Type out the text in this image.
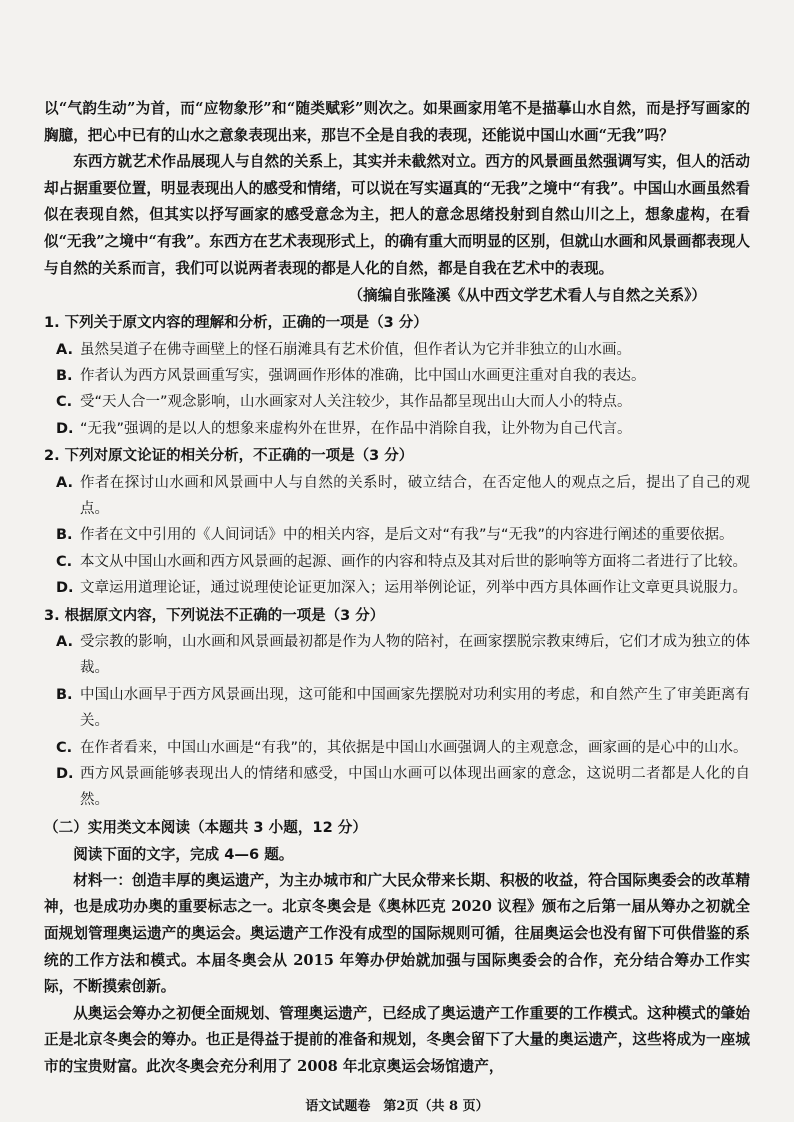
以“气韵生动”为首，而“应物象形”和“随类赋彩”则次之。如果画家用笔不是描摹山水自然，而是抒写画家的胸臆，把心中已有的山水之意象表现出来，那岂不全是自我的表现，还能说中国山水画“无我”吗？

东西方就艺术作品展现人与自然的关系上，其实并未截然对立。西方的风景画虽然强调写实，但人的活动却占据重要位置，明显表现出人的感受和情绪，可以说在写实逼真的“无我”之境中“有我”。中国山水画虽然看似在表现自然，但其实以抒写画家的感受意念为主，把人的意念思绪投射到自然山川之上，想象虚构，在看似“无我”之境中“有我”。东西方在艺术表现形式上，的确有重大而明显的区别，但就山水画和风景画都表现人与自然的关系而言，我们可以说两者表现的都是人化的自然，都是自我在艺术中的表现。

（摘编自张隆溪《从中西文学艺术看人与自然之关系》）

1. 下列关于原文内容的理解和分析，正确的一项是（3 分）

A. 虽然吴道子在佛寺画壁上的怪石崩滩具有艺术价值，但作者认为它并非独立的山水画。
B. 作者认为西方风景画重写实，强调画作形体的准确，比中国山水画更注重对自我的表达。
C. 受“天人合一”观念影响，山水画家对人关注较少，其作品都呈现出山大而人小的特点。
D. “无我”强调的是以人的想象来虚构外在世界，在作品中消除自我，让外物为自己代言。

2. 下列对原文论证的相关分析，不正确的一项是（3 分）

A. 作者在探讨山水画和风景画中人与自然的关系时，破立结合，在否定他人的观点之后，提出了自己的观点。
B. 作者在文中引用的《人间词话》中的相关内容，是后文对“有我”与“无我”的内容进行阐述的重要依据。
C. 本文从中国山水画和西方风景画的起源、画作的内容和特点及其对后世的影响等方面将二者进行了比较。
D. 文章运用道理论证，通过说理使论证更加深入；运用举例论证，列举中西方具体画作让文章更具说服力。

3. 根据原文内容，下列说法不正确的一项是（3 分）

A. 受宗教的影响，山水画和风景画最初都是作为人物的陪衬，在画家摆脱宗教束缚后，它们才成为独立的体裁。
B. 中国山水画早于西方风景画出现，这可能和中国画家先摆脱对功利实用的考虑，和自然产生了审美距离有关。
C. 在作者看来，中国山水画是“有我”的，其依据是中国山水画强调人的主观意念，画家画的是心中的山水。
D. 西方风景画能够表现出人的情绪和感受，中国山水画可以体现出画家的意念，这说明二者都是人化的自然。

（二）实用类文本阅读（本题共 3 小题，12 分）

阅读下面的文字，完成 4—6 题。

材料一：创造丰厚的奥运遗产，为主办城市和广大民众带来长期、积极的收益，符合国际奥委会的改革精神，也是成功办奥的重要标志之一。北京冬奥会是《奥林匹克 2020 议程》颁布之后第一届从筹办之初就全面规划管理奥运遗产的奥运会。奥运遗产工作没有成型的国际规则可循，往届奥运会也没有留下可供借鉴的系统的工作方法和模式。本届冬奥会从 2015 年筹办伊始就加强与国际奥委会的合作，充分结合筹办工作实际，不断摸索创新。

从奥运会筹办之初便全面规划、管理奥运遗产，已经成了奥运遗产工作重要的工作模式。这种模式的肇始正是北京冬奥会的筹办。也正是得益于提前的准备和规划，冬奥会留下了大量的奥运遗产，这些将成为一座城市的宝贵财富。此次冬奥会充分利用了 2008 年北京奥运会场馆遗产，

语文试题卷　第2页（共 8 页）
